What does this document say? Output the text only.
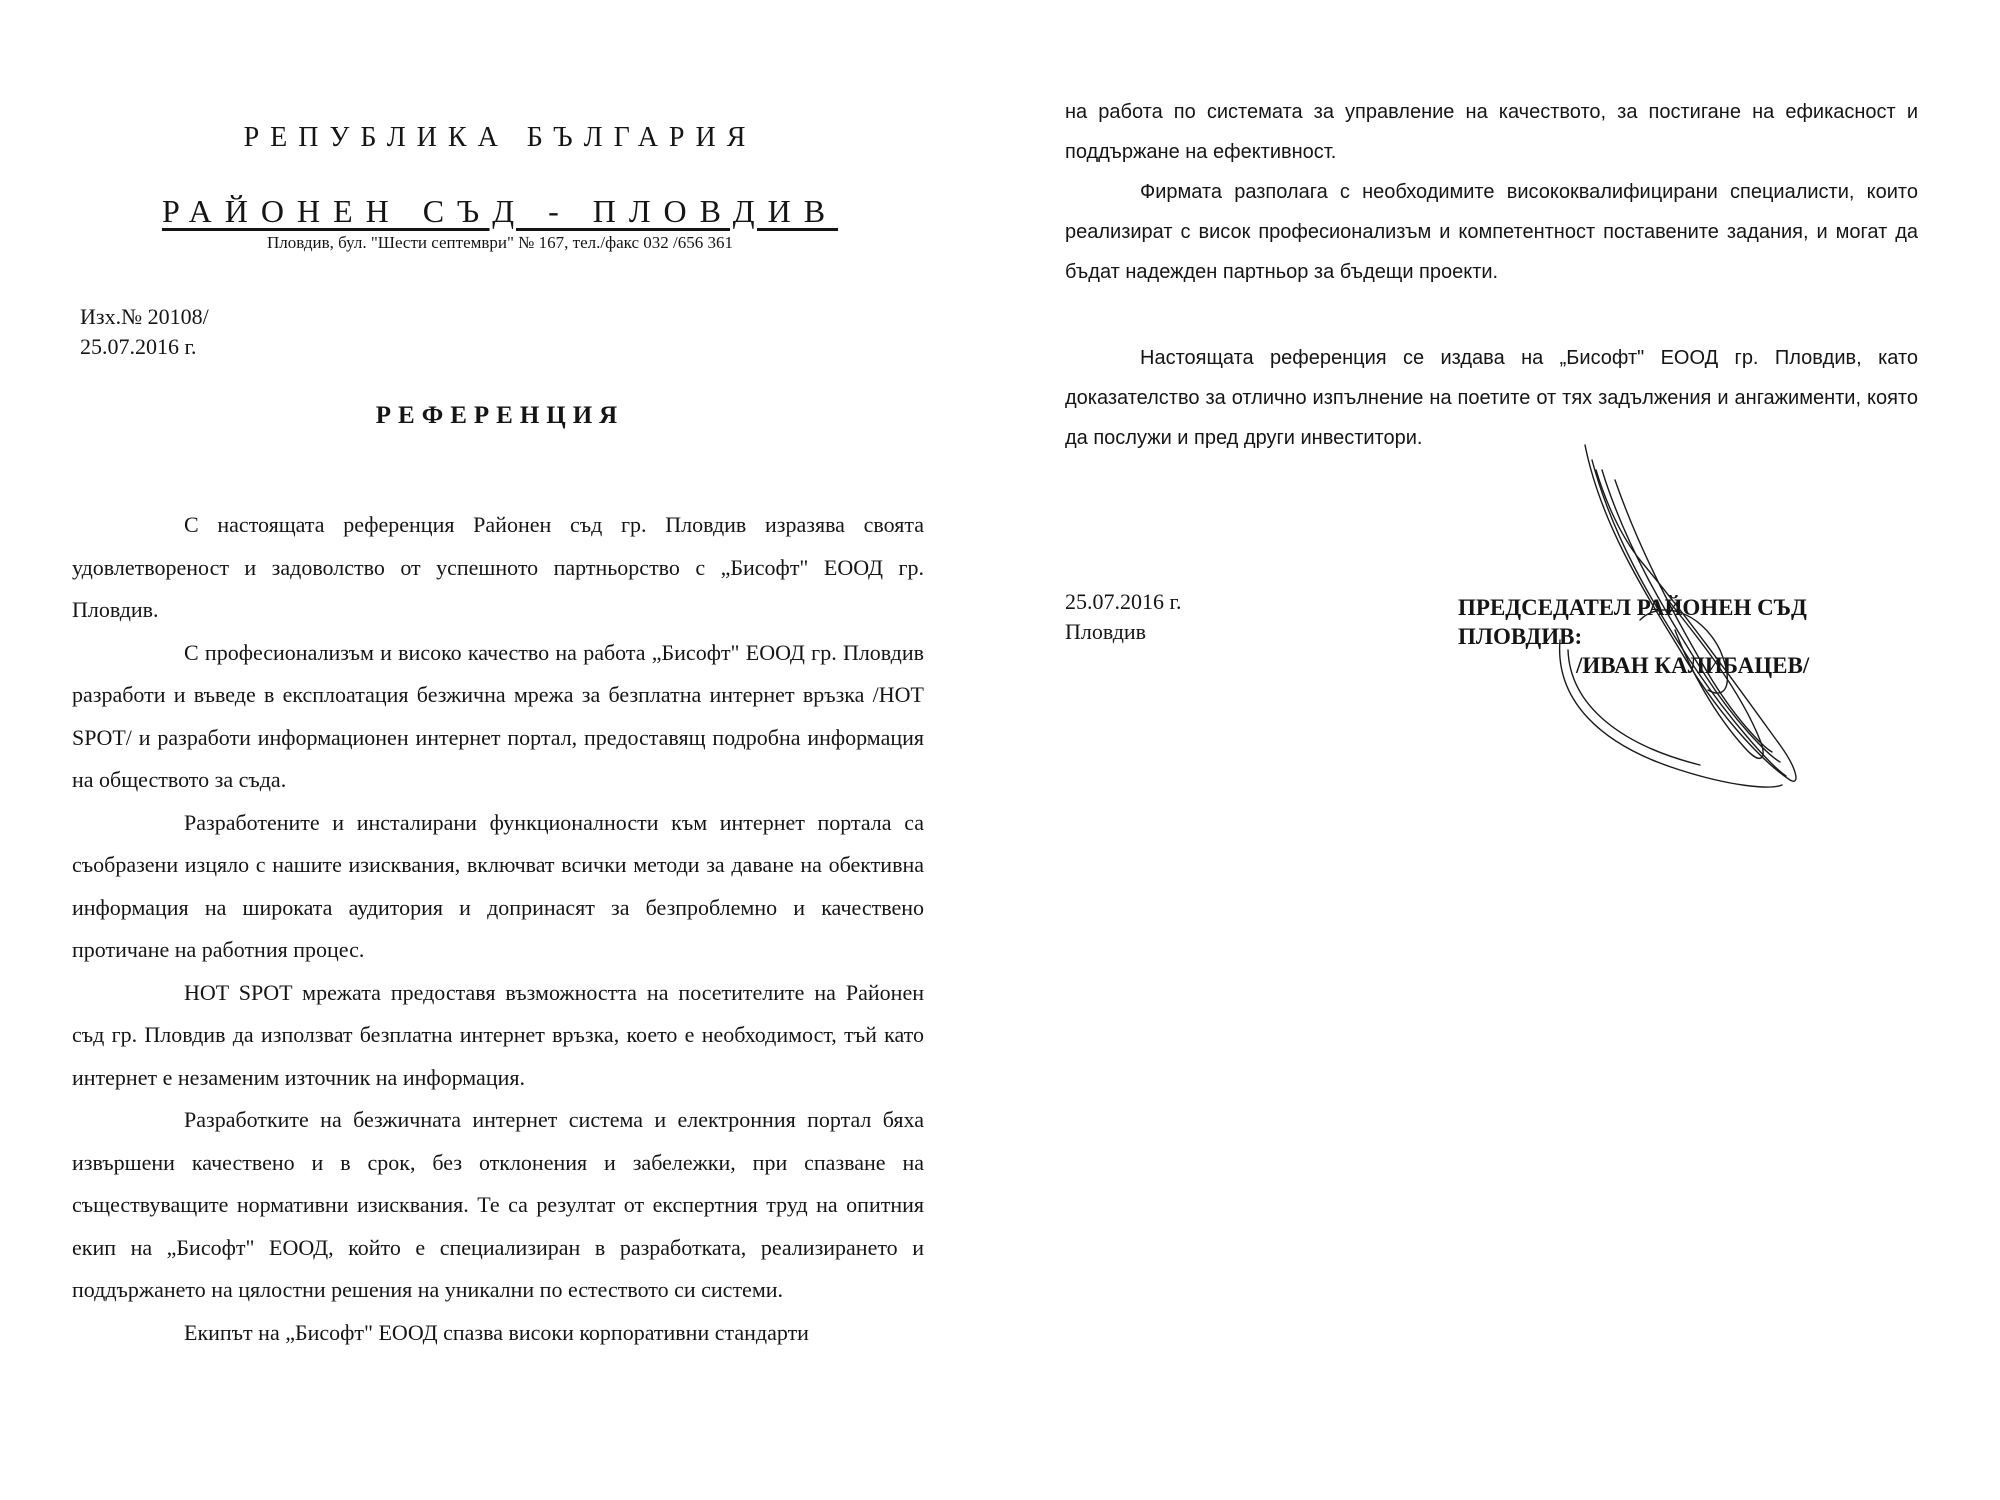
РЕПУБЛИКА БЪЛГАРИЯ
РАЙОНЕН СЪД - ПЛОВДИВ
Пловдив, бул. "Шести септември" № 167, тел./факс 032 /656 361
Изх.№ 20108/
25.07.2016 г.
РЕФЕРЕНЦИЯ

С настоящата референция Районен съд гр. Пловдив изразява своята удовлетвореност и задоволство от успешното партньорство с „Бисофт" ЕООД гр. Пловдив.

С професионализъм и високо качество на работа „Бисофт" ЕООД гр. Пловдив разработи и въведе в експлоатация безжична мрежа за безплатна интернет връзка /HOT SPOT/ и разработи информационен интернет портал, предоставящ подробна информация на обществото за съда.

Разработените и инсталирани функционалности към интернет портала са съобразени изцяло с нашите изисквания, включват всички методи за даване на обективна информация на широката аудитория и допринасят за безпроблемно и качествено протичане на работния процес.

HOT SPOT мрежата предоставя възможността на посетителите на Районен съд гр. Пловдив да използват безплатна интернет връзка, което е необходимост, тъй като интернет е незаменим източник на информация.

Разработките на безжичната интернет система и електронния портал бяха извършени качествено и в срок, без отклонения и забележки, при спазване на съществуващите нормативни изисквания. Те са резултат от експертния труд на опитния екип на „Бисофт" ЕООД, който е специализиран в разработката, реализирането и поддържането на цялостни решения на уникални по естеството си системи.

Екипът на „Бисофт" ЕООД спазва високи корпоративни стандарти

на работа по системата за управление на качеството, за постигане на ефикасност и поддържане на ефективност.

Фирмата разполага с необходимите висококвалифицирани специалисти, които реализират с висок професионализъм и компетентност поставените задания, и могат да бъдат надежден партньор за бъдещи проекти.

Настоящата референция се издава на „Бисофт" ЕООД гр. Пловдив, като доказателство за отлично изпълнение на поетите от тях задължения и ангажименти, която да послужи и пред други инвеститори.

25.07.2016 г.
Пловдив
ПРЕДСЕДАТЕЛ РАЙОНЕН СЪД
ПЛОВДИВ:
/ИВАН КАЛИБАЦЕВ/
